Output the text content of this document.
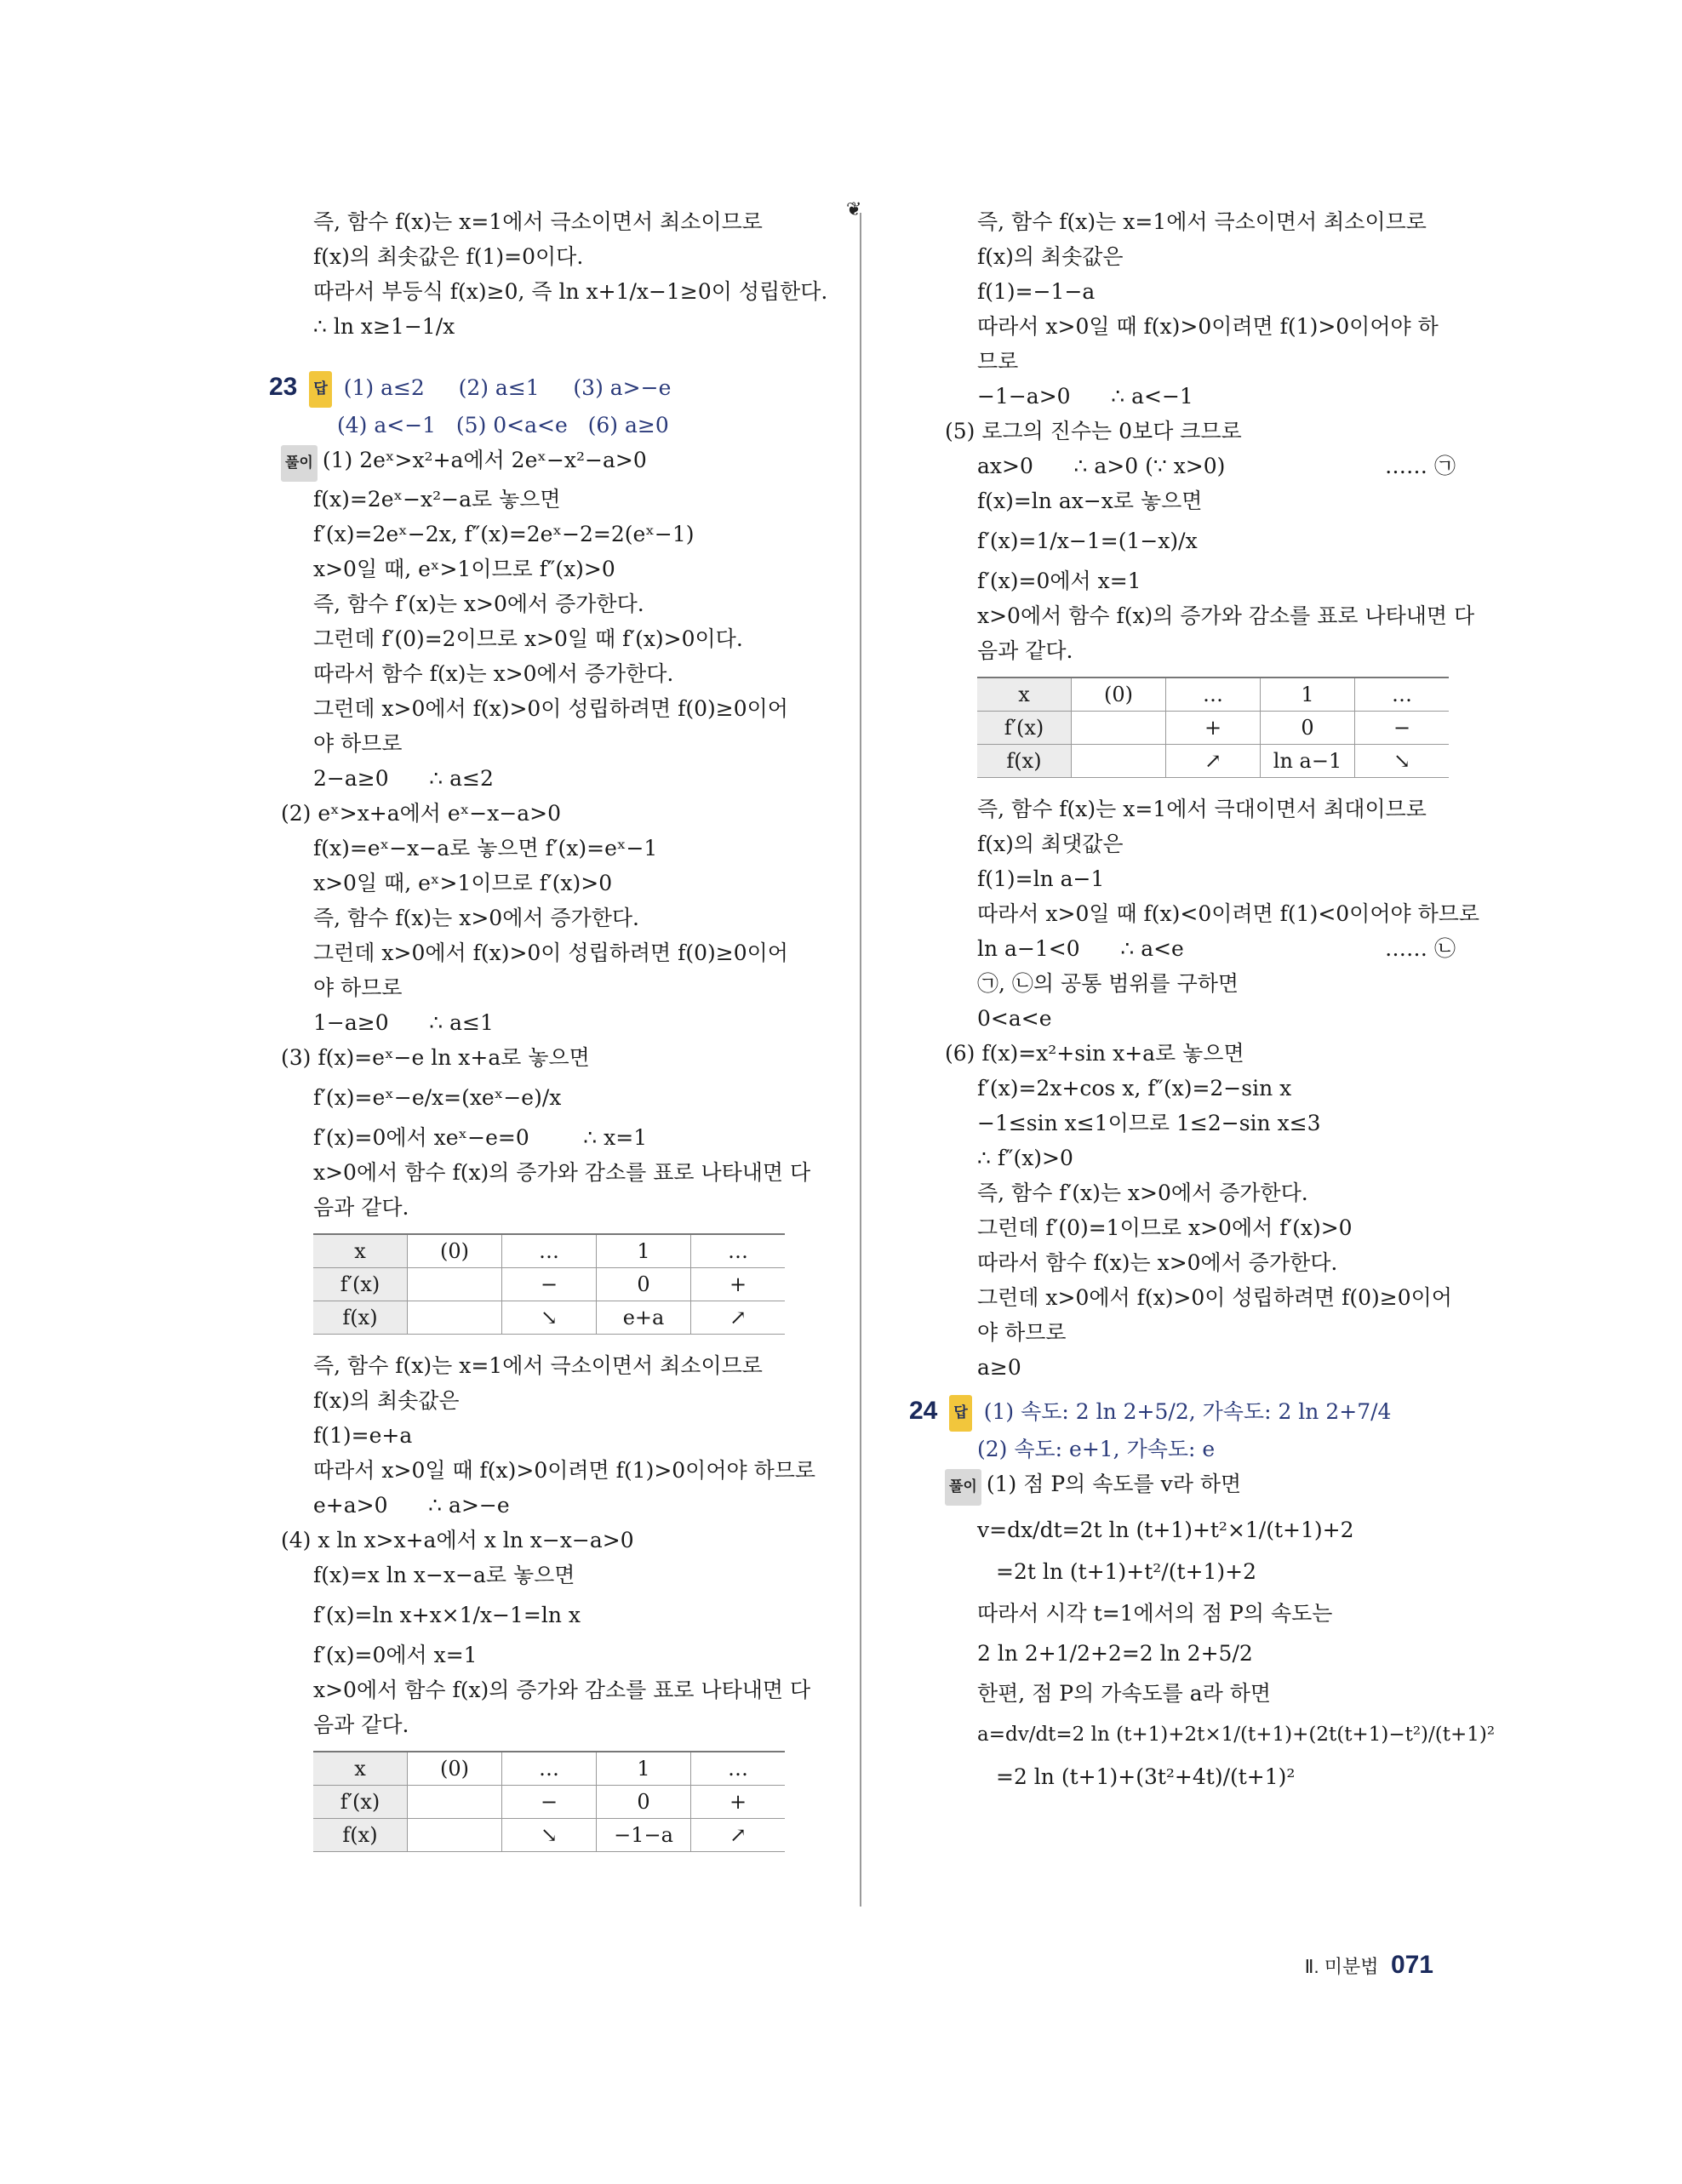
❦
즉, 함수 f(x)는 x=1에서 극소이면서 최소이므로
f(x)의 최솟값은 f(1)=0이다.
따라서 부등식 f(x)≥0, 즉 ln x+1/x−1≥0이 성립한다.
∴ ln x≥1−1/x
23 답 (1) a≤2     (2) a≤1     (3) a>−e
(4) a<−1   (5) 0<a<e   (6) a≥0
풀이 (1) 2eˣ>x²+a에서 2eˣ−x²−a>0
f(x)=2eˣ−x²−a로 놓으면
f′(x)=2eˣ−2x, f″(x)=2eˣ−2=2(eˣ−1)
x>0일 때, eˣ>1이므로 f″(x)>0
즉, 함수 f′(x)는 x>0에서 증가한다.
그런데 f′(0)=2이므로 x>0일 때 f′(x)>0이다.
따라서 함수 f(x)는 x>0에서 증가한다.
그런데 x>0에서 f(x)>0이 성립하려면 f(0)≥0이어
야 하므로
2−a≥0      ∴ a≤2
(2) eˣ>x+a에서 eˣ−x−a>0
f(x)=eˣ−x−a로 놓으면 f′(x)=eˣ−1
x>0일 때, eˣ>1이므로 f′(x)>0
즉, 함수 f(x)는 x>0에서 증가한다.
그런데 x>0에서 f(x)>0이 성립하려면 f(0)≥0이어
야 하므로
1−a≥0      ∴ a≤1
(3) f(x)=eˣ−e ln x+a로 놓으면
f′(x)=eˣ−e/x=(xeˣ−e)/x
f′(x)=0에서 xeˣ−e=0        ∴ x=1
x>0에서 함수 f(x)의 증가와 감소를 표로 나타내면 다
음과 같다.
x	(0)	…	1	…
f′(x)		−	0	+
f(x)		↘	e+a	↗
즉, 함수 f(x)는 x=1에서 극소이면서 최소이므로
f(x)의 최솟값은
f(1)=e+a
따라서 x>0일 때 f(x)>0이려면 f(1)>0이어야 하므로
e+a>0      ∴ a>−e
(4) x ln x>x+a에서 x ln x−x−a>0
f(x)=x ln x−x−a로 놓으면
f′(x)=ln x+x×1/x−1=ln x
f′(x)=0에서 x=1
x>0에서 함수 f(x)의 증가와 감소를 표로 나타내면 다
음과 같다.
x	(0)	…	1	…
f′(x)		−	0	+
f(x)		↘	−1−a	↗
즉, 함수 f(x)는 x=1에서 극소이면서 최소이므로
f(x)의 최솟값은
f(1)=−1−a
따라서 x>0일 때 f(x)>0이려면 f(1)>0이어야 하
므로
−1−a>0      ∴ a<−1
(5) 로그의 진수는 0보다 크므로
ax>0      ∴ a>0 (∵ x>0)	…… ㉠
f(x)=ln ax−x로 놓으면
f′(x)=1/x−1=(1−x)/x
f′(x)=0에서 x=1
x>0에서 함수 f(x)의 증가와 감소를 표로 나타내면 다
음과 같다.
x	(0)	…	1	…
f′(x)		+	0	−
f(x)		↗	ln a−1	↘
즉, 함수 f(x)는 x=1에서 극대이면서 최대이므로
f(x)의 최댓값은
f(1)=ln a−1
따라서 x>0일 때 f(x)<0이려면 f(1)<0이어야 하므로
ln a−1<0      ∴ a<e	…… ㉡
㉠, ㉡의 공통 범위를 구하면
0<a<e
(6) f(x)=x²+sin x+a로 놓으면
f′(x)=2x+cos x, f″(x)=2−sin x
−1≤sin x≤1이므로 1≤2−sin x≤3
∴ f″(x)>0
즉, 함수 f′(x)는 x>0에서 증가한다.
그런데 f′(0)=1이므로 x>0에서 f′(x)>0
따라서 함수 f(x)는 x>0에서 증가한다.
그런데 x>0에서 f(x)>0이 성립하려면 f(0)≥0이어
야 하므로
a≥0
24 답 (1) 속도: 2 ln 2+5/2, 가속도: 2 ln 2+7/4
(2) 속도: e+1, 가속도: e
풀이 (1) 점 P의 속도를 v라 하면
v=dx/dt=2t ln (t+1)+t²×1/(t+1)+2
=2t ln (t+1)+t²/(t+1)+2
따라서 시각 t=1에서의 점 P의 속도는
2 ln 2+1/2+2=2 ln 2+5/2
한편, 점 P의 가속도를 a라 하면
a=dv/dt=2 ln (t+1)+2t×1/(t+1)+(2t(t+1)−t²)/(t+1)²
=2 ln (t+1)+(3t²+4t)/(t+1)²
Ⅱ. 미분법 071
